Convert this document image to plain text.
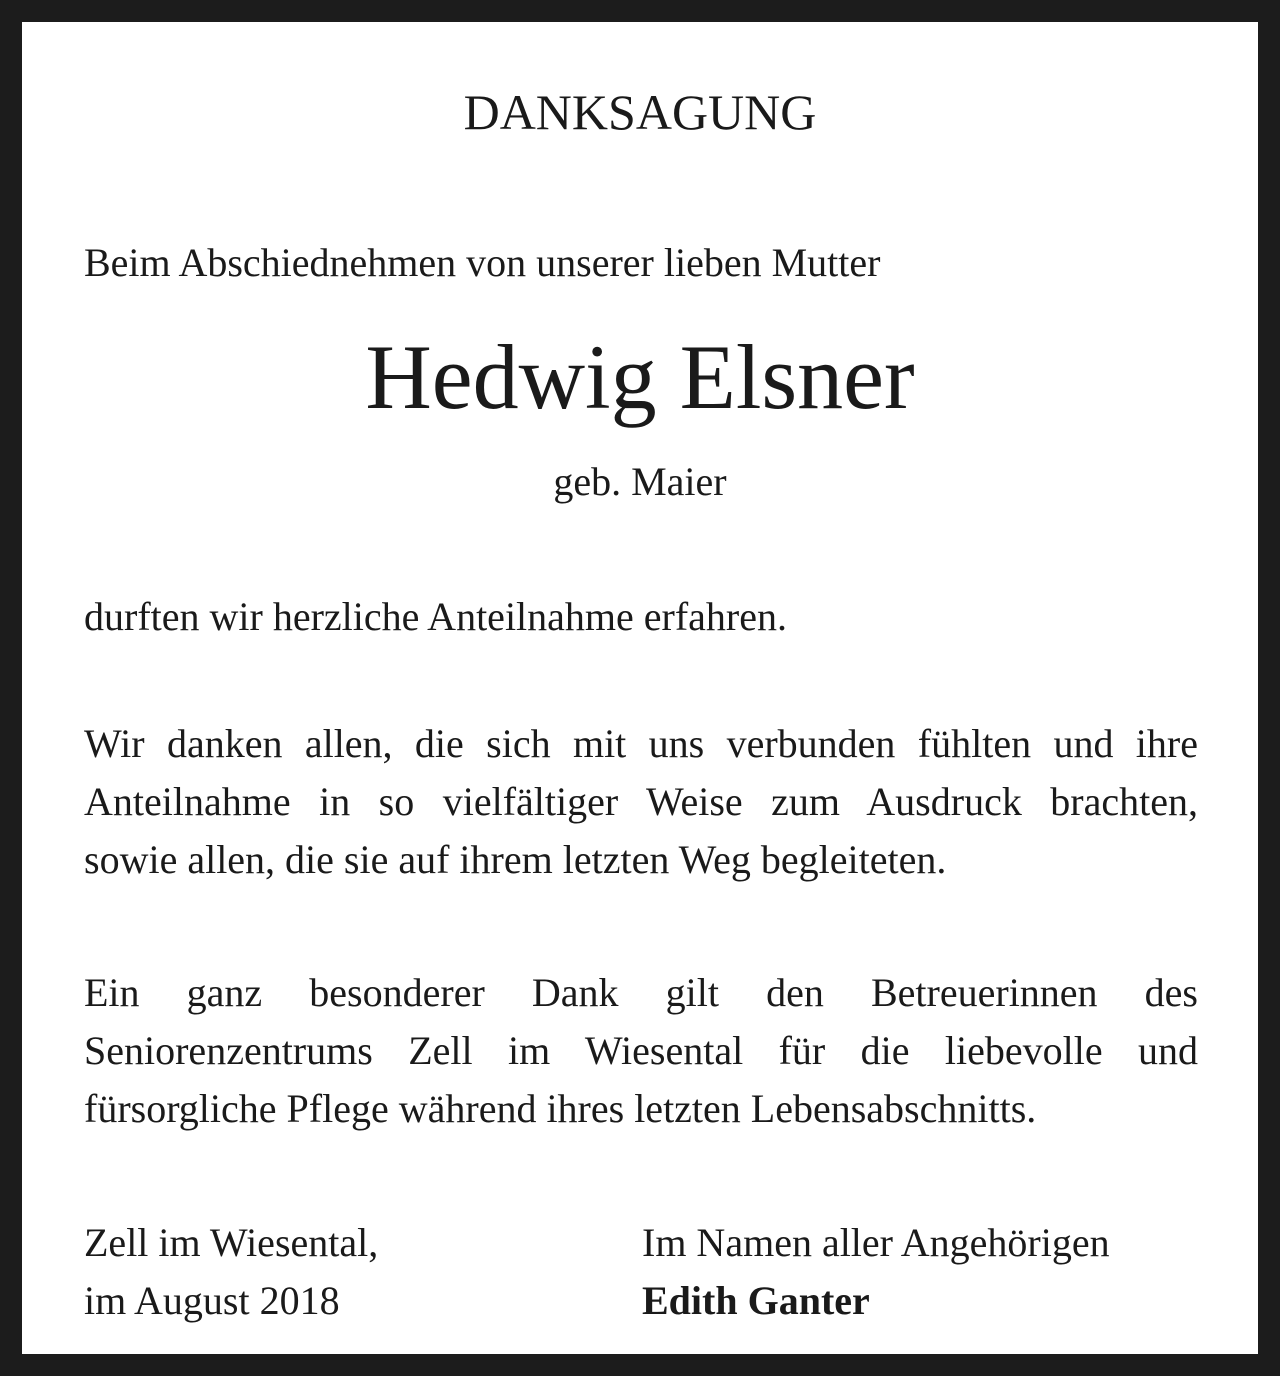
DANKSAGUNG
Beim Abschiednehmen von unserer lieben Mutter
Hedwig Elsner
geb. Maier
durften wir herzliche Anteilnahme erfahren.
Wir danken allen, die sich mit uns verbunden fühlten und ihre
Anteilnahme in so vielfältiger Weise zum Ausdruck brachten,
sowie allen, die sie auf ihrem letzten Weg begleiteten.
Ein ganz besonderer Dank gilt den Betreuerinnen des
Seniorenzentrums Zell im Wiesental für die liebevolle und
fürsorgliche Pflege während ihres letzten Lebensabschnitts.
Zell im Wiesental,
im August 2018
Im Namen aller Angehörigen
Edith Ganter
